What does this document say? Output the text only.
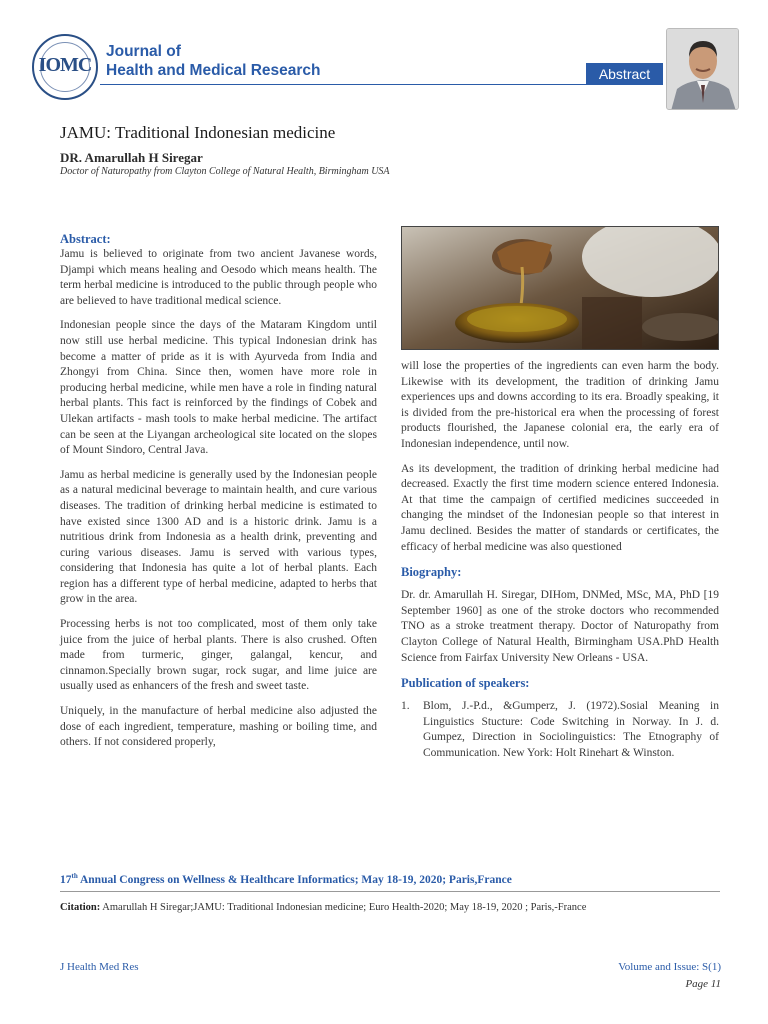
IOMC
Journal of
Health and Medical Research	Abstract
JAMU: Traditional Indonesian medicine
DR. Amarullah H Siregar
Doctor of Naturopathy from Clayton College of Natural Health, Birmingham USA
Abstract:

Jamu is believed to originate from two ancient Javanese words, Djampi which means healing and Oesodo which means health. The term herbal medicine is introduced to the public through people who are believed to have traditional medical science.

Indonesian people since the days of the Mataram Kingdom until now still use herbal medicine. This typical Indonesian drink has become a matter of pride as it is with Ayurveda from India and Zhongyi from China. Since then, women have more role in producing herbal medicine, while men have a role in finding natural herbal plants. This fact is reinforced by the findings of Cobek and Ulekan artifacts - mash tools to make herbal medicine. The artifact can be seen at the Liyangan archeological site located on the slopes of Mount Sindoro, Central Java.

Jamu as herbal medicine is generally used by the Indonesian people as a natural medicinal beverage to maintain health, and cure various diseases. The tradition of drinking herbal medicine is estimated to have existed since 1300 AD and is a historic drink. Jamu is a nutritious drink from Indonesia as a health drink, preventing and curing various diseases. Jamu is served with various types, considering that Indonesia has quite a lot of herbal plants. Each region has a different type of herbal medicine, adapted to herbs that grow in the area.

Processing herbs is not too complicated, most of them only take juice from the juice of herbal plants. There is also crushed. Often made from turmeric, ginger, galangal, kencur, and cinnamon.Specially brown sugar, rock sugar, and lime juice are usually used as enhancers of the fresh and sweet taste.

Uniquely, in the manufacture of herbal medicine also adjusted the dose of each ingredient, temperature, mashing or boiling time, and others. If not considered properly,

will lose the properties of the ingredients can even harm the body. Likewise with its development, the tradition of drinking Jamu experiences ups and downs according to its era. Broadly speaking, it is divided from the pre-historical era when the processing of forest products flourished, the Japanese colonial era, the early era of Indonesian independence, until now.

As its development, the tradition of drinking herbal medicine had decreased. Exactly the first time modern science entered Indonesia. At that time the campaign of certified medicines succeeded in changing the mindset of the Indonesian people so that interest in Jamu declined. Besides the matter of standards or certificates, the efficacy of herbal medicine was also questioned

Biography:

Dr. dr. Amarullah H. Siregar, DIHom, DNMed, MSc, MA, PhD [19 September 1960] as one of the stroke doctors who recommended TNO as a stroke treatment therapy. Doctor of Naturopathy from Clayton College of Natural Health, Birmingham USA.PhD Health Science from Fairfax University New Orleans - USA.

Publication of speakers:
1. Blom, J.-P.d., &Gumperz, J. (1972).Sosial Meaning in Linguistics Stucture: Code Switching in Norway. In J. d. Gumpez, Direction in Sociolinguistics: The Etnography of Communication. New York: Holt Rinehart & Winston.
17th Annual Congress on Wellness & Healthcare Informatics; May 18-19, 2020; Paris,France
Citation: Amarullah H Siregar;JAMU: Traditional Indonesian medicine; Euro Health-2020; May 18-19, 2020 ; Paris,-France
J Health Med Res	Volume and Issue: S(1)
Page 11
